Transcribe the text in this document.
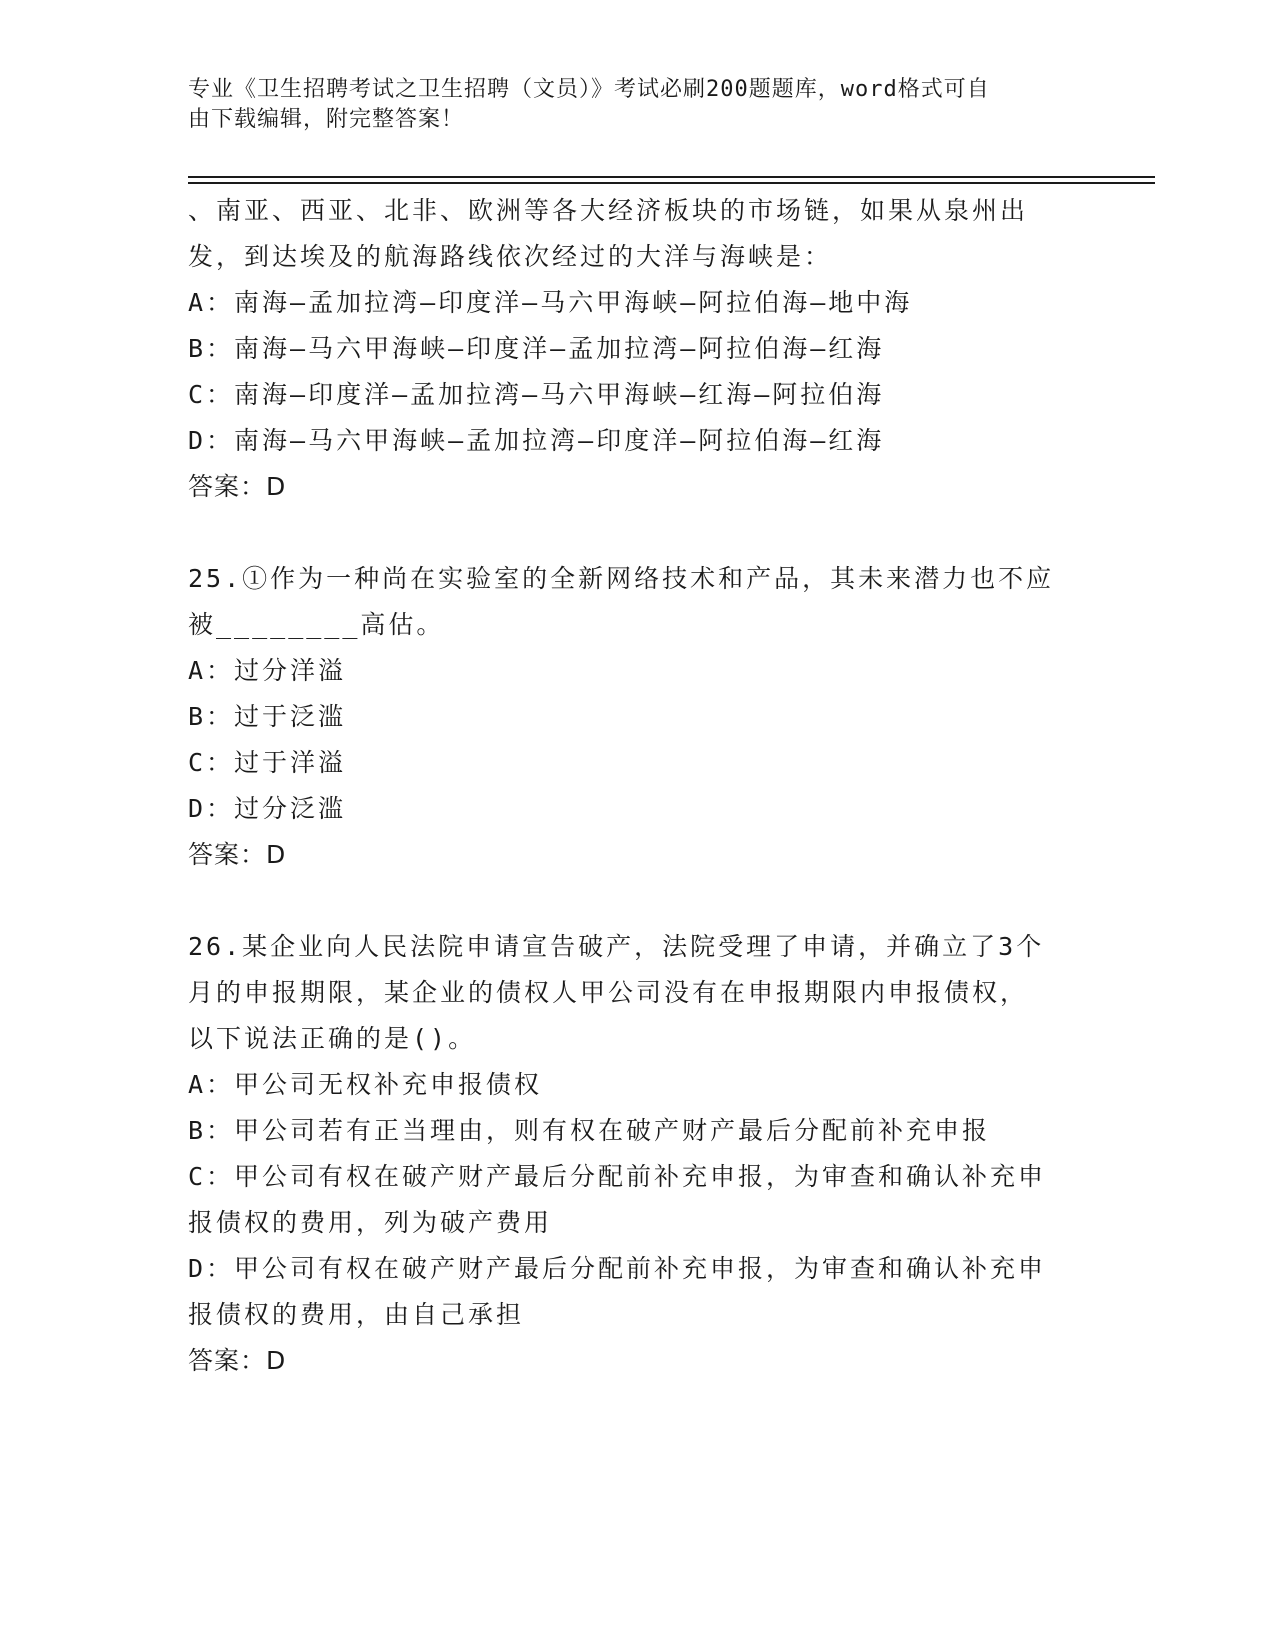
专业《卫生招聘考试之卫生招聘（文员）》考试必刷200题题库，word格式可自
由下载编辑，附完整答案！

、南亚、西亚、北非、欧洲等各大经济板块的市场链，如果从泉州出

发，到达埃及的航海路线依次经过的大洋与海峡是：

A：南海—孟加拉湾—印度洋—马六甲海峡—阿拉伯海—地中海

B：南海—马六甲海峡—印度洋—孟加拉湾—阿拉伯海—红海

C：南海—印度洋—孟加拉湾—马六甲海峡—红海—阿拉伯海

D：南海—马六甲海峡—孟加拉湾—印度洋—阿拉伯海—红海

答案：D

25.①作为一种尚在实验室的全新网络技术和产品，其未来潜力也不应

被________高估。

A：过分洋溢

B：过于泛滥

C：过于洋溢

D：过分泛滥

答案：D

26.某企业向人民法院申请宣告破产，法院受理了申请，并确立了3个

月的申报期限，某企业的债权人甲公司没有在申报期限内申报债权，

以下说法正确的是()。

A：甲公司无权补充申报债权

B：甲公司若有正当理由，则有权在破产财产最后分配前补充申报

C：甲公司有权在破产财产最后分配前补充申报，为审查和确认补充申

报债权的费用，列为破产费用

D：甲公司有权在破产财产最后分配前补充申报，为审查和确认补充申

报债权的费用，由自己承担

答案：D
